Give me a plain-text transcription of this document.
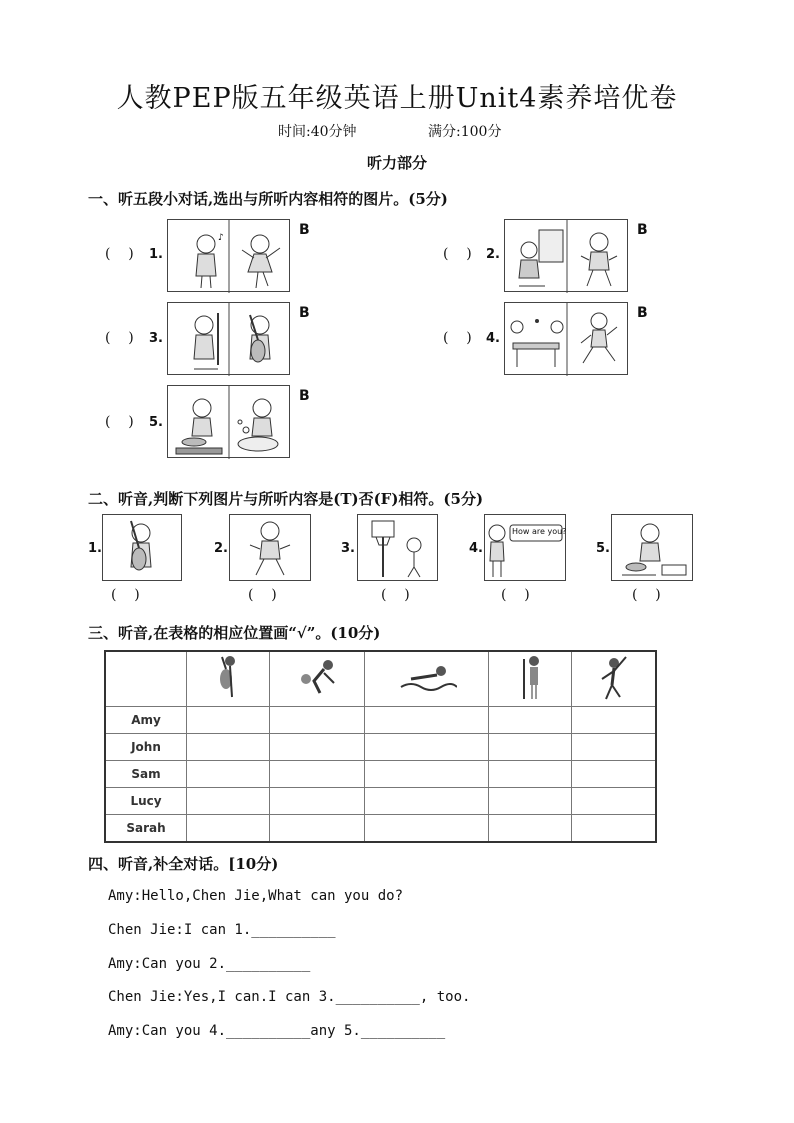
人教PEP版五年级英语上册Unit4素养培优卷
时间:40分钟	满分:100分
听力部分
一、听五段小对话,选出与所听内容相符的图片。(5分)
(    ) 1.
B
♪
(    ) 2.
B
(    ) 3.
B
(    ) 4.
B
(    ) 5.
B
二、听音,判断下列图片与所听内容是(T)否(F)相符。(5分)
1.
(    )
2.
(    )
3.
(    )
4.
How are you?
(    )
5.
(    )
三、听音,在表格的相应位置画“√”。(10分)

Amy					
John					
Sam					
Lucy					
Sarah					
四、听音,补全对话。[10分)
Amy:Hello,Chen Jie,What can you do?
Chen Jie:I can 1.__________
Amy:Can you 2.__________
Chen Jie:Yes,I can.I can 3.__________, too.
Amy:Can you 4.__________any 5.__________
